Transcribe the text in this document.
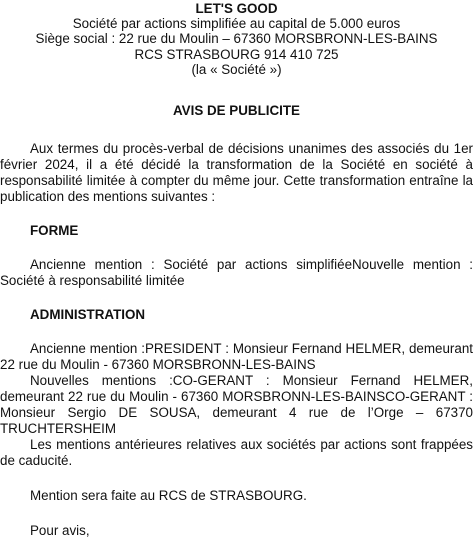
LET'S GOOD
Société par actions simplifiée au capital de 5.000 euros
Siège social : 22 rue du Moulin – 67360 MORSBRONN-LES-BAINS
RCS STRASBOURG 914 410 725
(la « Société »)
AVIS DE PUBLICITE

Aux termes du procès-verbal de décisions unanimes des associés du 1er février 2024, il a été décidé la transformation de la Société en société à responsabilité limitée à compter du même jour. Cette transformation entraîne la publication des mentions suivantes :

FORME

Ancienne mention : Société par actions simplifiéeNouvelle mention : Société à responsabilité limitée

ADMINISTRATION

Ancienne mention :PRESIDENT : Monsieur Fernand HELMER, demeurant 22 rue du Moulin - 67360 MORSBRONN-LES-BAINS

Nouvelles mentions :CO-GERANT : Monsieur Fernand HELMER, demeurant 22 rue du Moulin - 67360 MORSBRONN-LES-BAINSCO-GERANT : Monsieur Sergio DE SOUSA, demeurant 4 rue de l’Orge – 67370 TRUCHTERSHEIM

Les mentions antérieures relatives aux sociétés par actions sont frappées de caducité.

Mention sera faite au RCS de STRASBOURG.

Pour avis,
